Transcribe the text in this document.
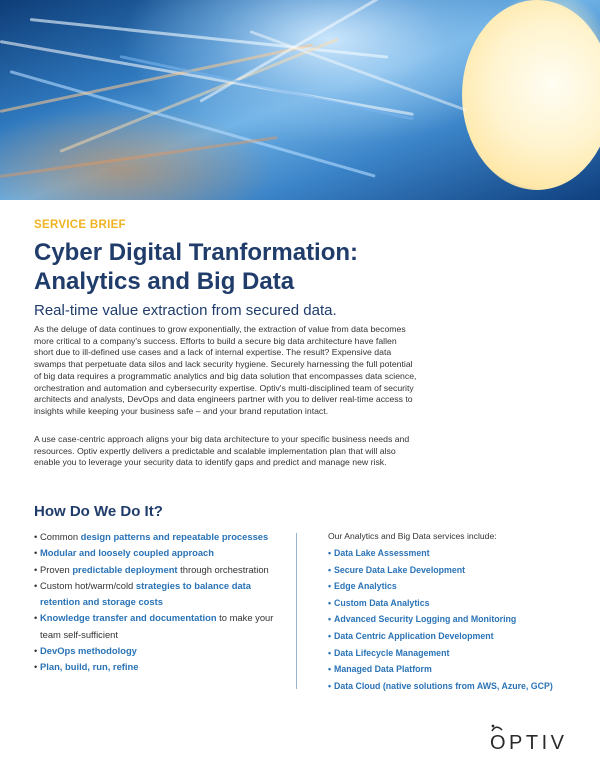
SERVICE BRIEF
Cyber Digital Tranformation:
Analytics and Big Data
Real-time value extraction from secured data.

As the deluge of data continues to grow exponentially, the extraction of value from data becomes more critical to a company's success. Efforts to build a secure big data architecture have fallen short due to ill-defined use cases and a lack of internal expertise. The result? Expensive data swamps that perpetuate data silos and lack security hygiene. Securely harnessing the full potential of big data requires a programmatic analytics and big data solution that encompasses data science, orchestration and automation and cybersecurity expertise. Optiv's multi-disciplined team of security architects and analysts, DevOps and data engineers partner with you to deliver real-time access to insights while keeping your business safe – and your brand reputation intact.

A use case-centric approach aligns your big data architecture to your specific business needs and resources. Optiv expertly delivers a predictable and scalable implementation plan that will also enable you to leverage your security data to identify gaps and predict and manage new risk.

How Do We Do It?
• Common design patterns and repeatable processes
• Modular and loosely coupled approach
• Proven predictable deployment through orchestration
• Custom hot/warm/cold strategies to balance data retention and storage costs
• Knowledge transfer and documentation to make your team self-sufficient
• DevOps methodology
• Plan, build, run, refine
Our Analytics and Big Data services include:
• Data Lake Assessment
• Secure Data Lake Development
• Edge Analytics
• Custom Data Analytics
• Advanced Security Logging and Monitoring
• Data Centric Application Development
• Data Lifecycle Management
• Managed Data Platform
• Data Cloud (native solutions from AWS, Azure, GCP)
OPTIV
